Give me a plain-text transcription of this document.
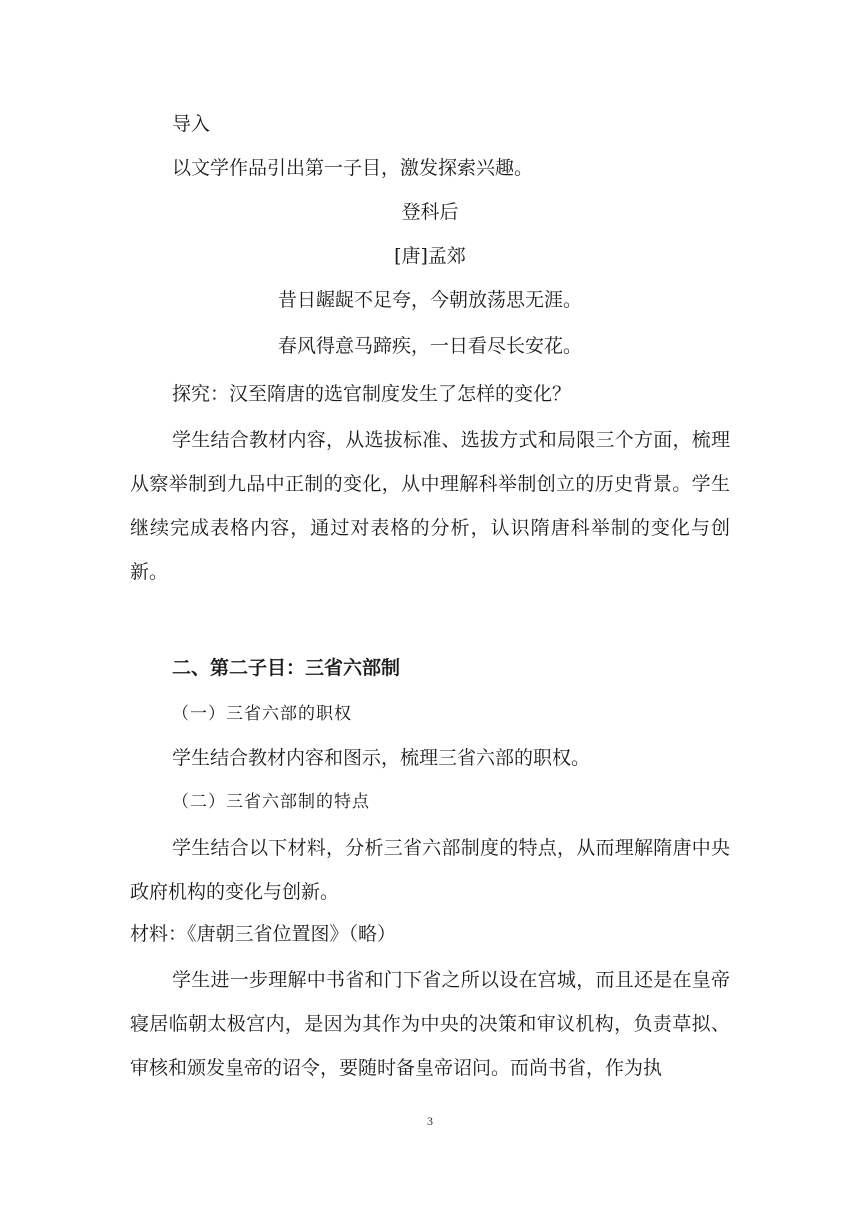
导入

以文学作品引出第一子目，激发探索兴趣。

登科后

[唐]孟郊

昔日龌龊不足夸，今朝放荡思无涯。

春风得意马蹄疾，一日看尽长安花。

探究：汉至隋唐的选官制度发生了怎样的变化？

学生结合教材内容，从选拔标准、选拔方式和局限三个方面，梳理从察举制到九品中正制的变化，从中理解科举制创立的历史背景。学生继续完成表格内容，通过对表格的分析，认识隋唐科举制的变化与创新。

二、第二子目：三省六部制

（一）三省六部的职权

学生结合教材内容和图示，梳理三省六部的职权。

（二）三省六部制的特点

学生结合以下材料，分析三省六部制度的特点，从而理解隋唐中央政府机构的变化与创新。

材料：《唐朝三省位置图》（略）

学生进一步理解中书省和门下省之所以设在宫城，而且还是在皇帝寝居临朝太极宫内，是因为其作为中央的决策和审议机构，负责草拟、审核和颁发皇帝的诏令，要随时备皇帝诏问。而尚书省，作为执

3
